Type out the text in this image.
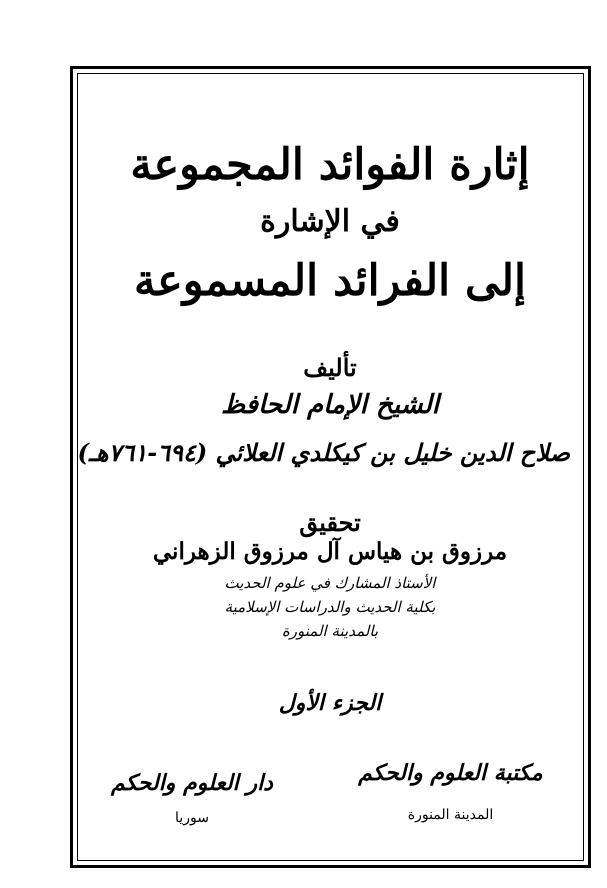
إثارة الفوائد المجموعة
في الإشارة
إلى الفرائد المسموعة
تأليف
الشيخ الإمام الحافظ
صلاح الدين خليل بن كيكلدي العلائي (٦٩٤-٧٦١هـ)
تحقيق
مرزوق بن هياس آل مرزوق الزهراني
الأستاذ المشارك في علوم الحديث
بكلية الحديث والدراسات الإسلامية
بالمدينة المنورة
الجزء الأول
مكتبة العلوم والحكم
المدينة المنورة
دار العلوم والحكم
سوريا
